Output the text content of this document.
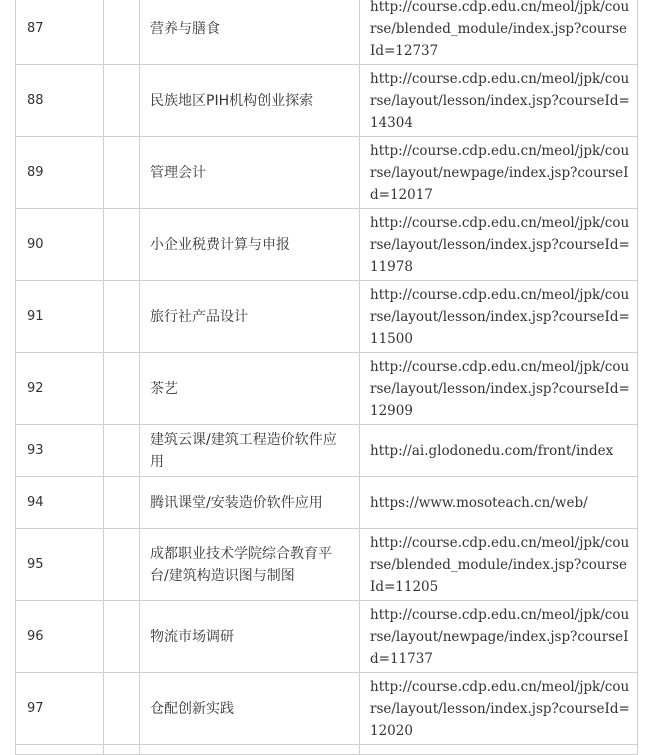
87		营养与膳食	http://course.cdp.edu.cn/meol/jpk/course/blended_module/index.jsp?courseId=12737
88		民族地区PIH机构创业探索	http://course.cdp.edu.cn/meol/jpk/course/layout/lesson/index.jsp?courseId=14304
89		管理会计	http://course.cdp.edu.cn/meol/jpk/course/layout/newpage/index.jsp?courseId=12017
90		小企业税费计算与申报	http://course.cdp.edu.cn/meol/jpk/course/layout/lesson/index.jsp?courseId=11978
91		旅行社产品设计	http://course.cdp.edu.cn/meol/jpk/course/layout/lesson/index.jsp?courseId=11500
92		茶艺	http://course.cdp.edu.cn/meol/jpk/course/layout/lesson/index.jsp?courseId=12909
93		建筑云课/建筑工程造价软件应用	http://ai.glodonedu.com/front/index
94		腾讯课堂/安装造价软件应用	https://www.mosoteach.cn/web/
95		成都职业技术学院综合教育平台/建筑构造识图与制图	http://course.cdp.edu.cn/meol/jpk/course/blended_module/index.jsp?courseId=11205
96		物流市场调研	http://course.cdp.edu.cn/meol/jpk/course/layout/newpage/index.jsp?courseId=11737
97		仓配创新实践	http://course.cdp.edu.cn/meol/jpk/course/layout/lesson/index.jsp?courseId=12020
